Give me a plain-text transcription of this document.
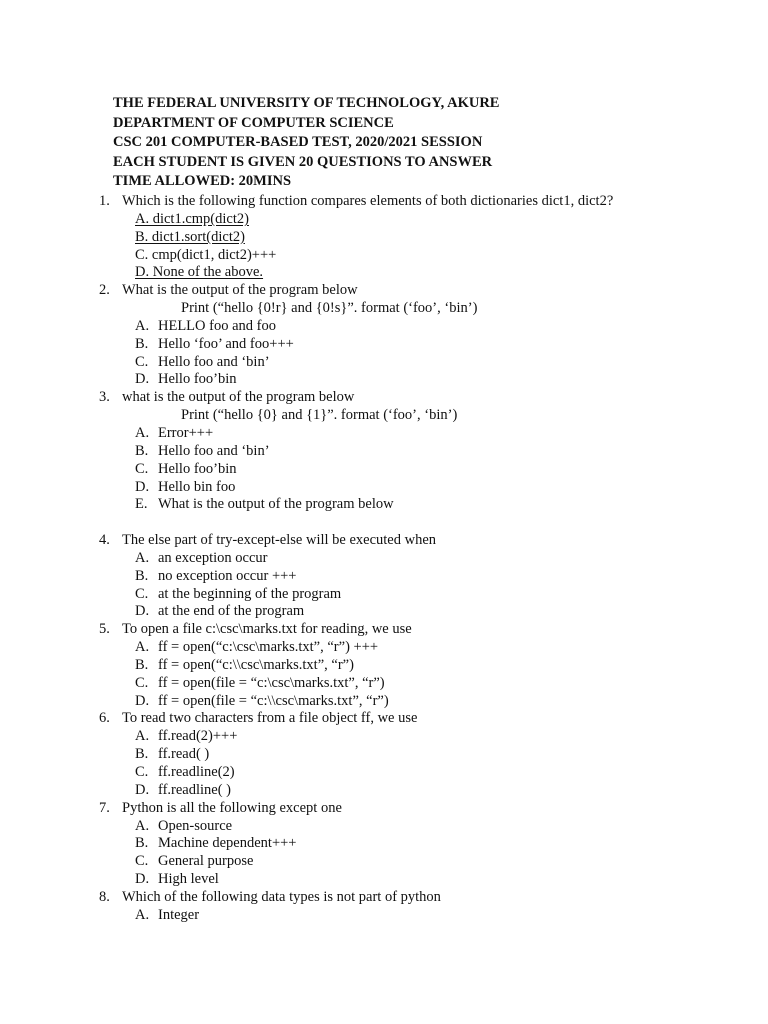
THE FEDERAL UNIVERSITY OF TECHNOLOGY, AKURE
DEPARTMENT OF COMPUTER SCIENCE
CSC 201 COMPUTER-BASED TEST, 2020/2021 SESSION
EACH STUDENT IS GIVEN 20 QUESTIONS TO ANSWER
TIME ALLOWED: 20MINS
1. Which is the following function compares elements of both dictionaries dict1, dict2?
A. dict1.cmp(dict2)
B. dict1.sort(dict2)
C. cmp(dict1, dict2)+++
D. None of the above.
2. What is the output of the program below
Print (“hello {0!r} and {0!s}”. format (‘foo’, ‘bin’)
A. HELLO foo and foo
B. Hello ‘foo’ and foo+++
C. Hello foo and ‘bin’
D. Hello foo’bin
3. what is the output of the program below
Print (“hello {0} and {1}”. format (‘foo’, ‘bin’)
A. Error+++
B. Hello foo and ‘bin’
C. Hello foo’bin
D. Hello bin foo
E. What is the output of the program below
4. The else part of try-except-else will be executed when
A. an exception occur
B. no exception occur +++
C. at the beginning of the program
D. at the end of the program
5. To open a file c:\csc\marks.txt for reading, we use
A. ff = open(“c:\csc\marks.txt”, “r”) +++
B. ff = open(“c:\\csc\marks.txt”, “r”)
C. ff = open(file = “c:\csc\marks.txt”, “r”)
D. ff = open(file = “c:\\csc\marks.txt”, “r”)
6. To read two characters from a file object ff, we use
A. ff.read(2)+++
B. ff.read( )
C. ff.readline(2)
D. ff.readline( )
7. Python is all the following except one
A. Open-source
B. Machine dependent+++
C. General purpose
D. High level
8. Which of the following data types is not part of python
A. Integer
